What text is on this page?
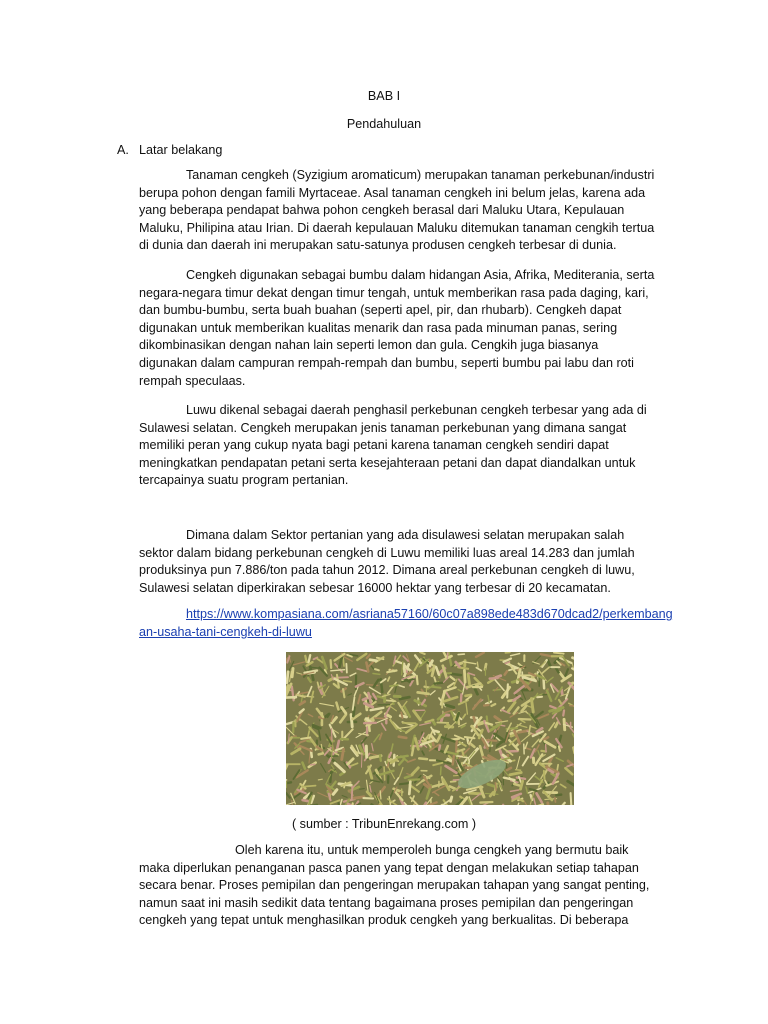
BAB I
Pendahuluan
A. Latar belakang

Tanaman cengkeh (Syzigium aromaticum) merupakan tanaman perkebunan/industri berupa pohon dengan famili Myrtaceae. Asal tanaman cengkeh ini belum jelas, karena ada yang beberapa pendapat bahwa pohon cengkeh berasal dari Maluku Utara, Kepulauan Maluku, Philipina atau Irian. Di daerah kepulauan Maluku ditemukan tanaman cengkih tertua di dunia dan daerah ini merupakan satu-satunya produsen cengkeh terbesar di dunia.

Cengkeh digunakan sebagai bumbu dalam hidangan Asia, Afrika, Mediterania, serta negara-negara timur dekat dengan timur tengah, untuk memberikan rasa pada daging, kari, dan bumbu-bumbu, serta buah buahan (seperti apel, pir, dan rhubarb). Cengkeh dapat digunakan untuk memberikan kualitas menarik dan rasa pada minuman panas, sering dikombinasikan dengan nahan lain seperti lemon dan gula. Cengkih juga biasanya digunakan dalam campuran rempah-rempah dan bumbu, seperti bumbu pai labu dan roti rempah speculaas.

Luwu dikenal sebagai daerah penghasil perkebunan cengkeh terbesar yang ada di Sulawesi selatan. Cengkeh merupakan jenis tanaman perkebunan yang dimana sangat memiliki peran yang cukup nyata bagi petani karena tanaman cengkeh sendiri dapat meningkatkan pendapatan petani serta kesejahteraan petani dan dapat diandalkan untuk tercapainya suatu program pertanian.

Dimana dalam Sektor pertanian yang ada disulawesi selatan merupakan salah sektor dalam bidang perkebunan cengkeh di Luwu memiliki luas areal 14.283 dan jumlah produksinya pun 7.886/ton pada tahun 2012. Dimana areal perkebunan cengkeh di luwu, Sulawesi selatan diperkirakan sebesar 16000 hektar yang terbesar di 20 kecamatan.

https://www.kompasiana.com/asriana57160/60c07a898ede483d670dcad2/perkembangan-usaha-tani-cengkeh-di-luwu
( sumber : TribunEnrekang.com )

Oleh karena itu, untuk memperoleh bunga cengkeh yang bermutu baik maka diperlukan penanganan pasca panen yang tepat dengan melakukan setiap tahapan secara benar. Proses pemipilan dan pengeringan merupakan tahapan yang sangat penting, namun saat ini masih sedikit data tentang bagaimana proses pemipilan dan pengeringan cengkeh yang tepat untuk menghasilkan produk cengkeh yang berkualitas. Di beberapa
